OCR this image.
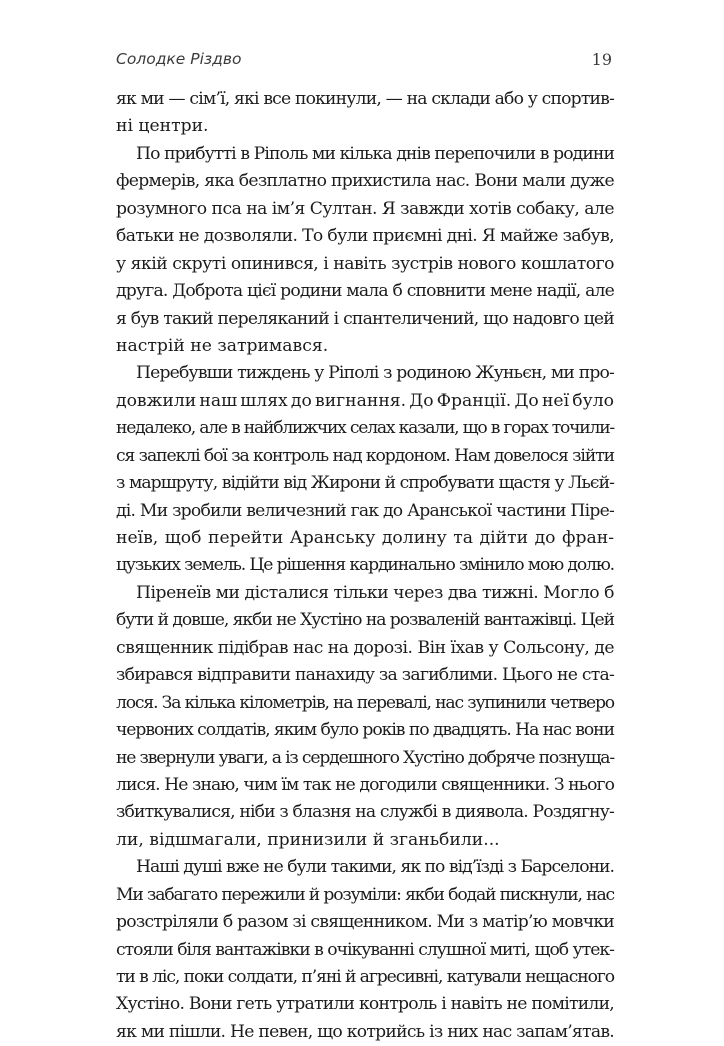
Солодке Різдво	19
як ми — сім’ї, які все покинули, — на склади або у спортив-
ні центри.
По прибутті в Ріполь ми кілька днів перепочили в родини
фермерів, яка безплатно прихистила нас. Вони мали дуже
розумного пса на ім’я Султан. Я завжди хотів собаку, але
батьки не дозволяли. То були приємні дні. Я майже забув,
у якій скруті опинився, і навіть зустрів нового кошлатого
друга. Доброта цієї родини мала б сповнити мене надії, але
я був такий переляканий і спантеличений, що надовго цей
настрій не затримався.
Перебувши тиждень у Ріполі з родиною Жуньєн, ми про-
довжили наш шлях до вигнання. До Франції. До неї було
недалеко, але в найближчих селах казали, що в горах точили-
ся запеклі бої за контроль над кордоном. Нам довелося зійти
з маршруту, відійти від Жирони й спробувати щастя у Льєй-
ді. Ми зробили величезний гак до Аранської частини Піре-
неїв, щоб перейти Аранську долину та дійти до фран-
цузьких земель. Це рішення кардинально змінило мою долю.
Піренеїв ми дісталися тільки через два тижні. Могло б
бути й довше, якби не Хустіно на розваленій вантажівці. Цей
священник підібрав нас на дорозі. Він їхав у Сольсону, де
збирався відправити панахиду за загиблими. Цього не ста-
лося. За кілька кілометрів, на перевалі, нас зупинили четверо
червоних солдатів, яким було років по двадцять. На нас вони
не звернули уваги, а із сердешного Хустіно добряче познуща-
лися. Не знаю, чим їм так не догодили священники. З нього
збиткувалися, ніби з блазня на службі в диявола. Роздягну-
ли, відшмагали, принизили й зганьбили...
Наші душі вже не були такими, як по від’їзді з Барселони.
Ми забагато пережили й розуміли: якби бодай пискнули, нас
розстріляли б разом зі священником. Ми з матір’ю мовчки
стояли біля вантажівки в очікуванні слушної миті, щоб утек-
ти в ліс, поки солдати, п’яні й агресивні, катували нещасного
Хустіно. Вони геть утратили контроль і навіть не помітили,
як ми пішли. Не певен, що котрийсь із них нас запам’ятав.
